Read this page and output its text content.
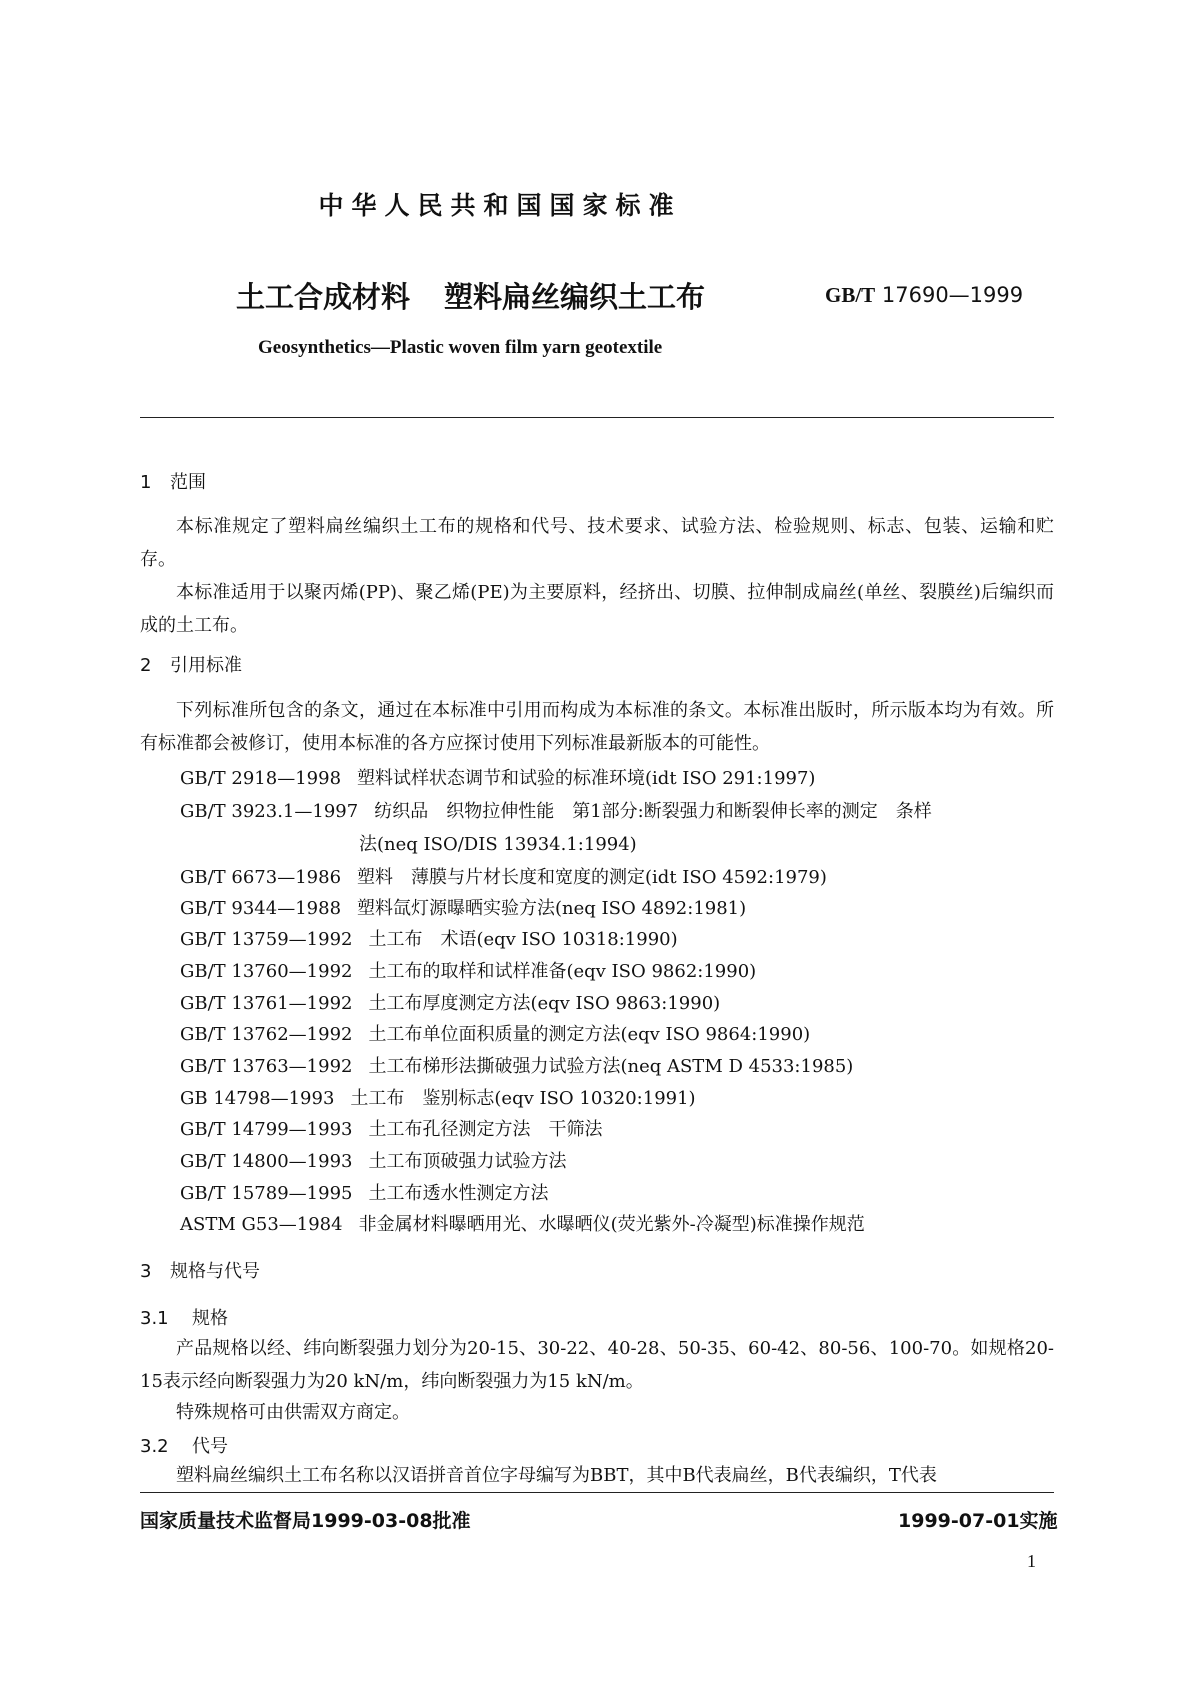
中华人民共和国国家标准
土工合成材料 塑料扁丝编织土工布	GB/T 17690—1999
Geosynthetics—Plastic woven film yarn geotextile
1 范围
本标准规定了塑料扁丝编织土工布的规格和代号、技术要求、试验方法、检验规则、标志、包装、运输和贮存。
本标准适用于以聚丙烯(PP)、聚乙烯(PE)为主要原料，经挤出、切膜、拉伸制成扁丝(单丝、裂膜丝)后编织而成的土工布。
2 引用标准
下列标准所包含的条文，通过在本标准中引用而构成为本标准的条文。本标准出版时，所示版本均为有效。所有标准都会被修订，使用本标准的各方应探讨使用下列标准最新版本的可能性。
GB/T 2918—1998 塑料试样状态调节和试验的标准环境(idt ISO 291:1997)
GB/T 3923.1—1997 纺织品　织物拉伸性能　第1部分:断裂强力和断裂伸长率的测定　条样
法(neq ISO/DIS 13934.1:1994)
GB/T 6673—1986 塑料　薄膜与片材长度和宽度的测定(idt ISO 4592:1979)
GB/T 9344—1988 塑料氙灯源曝晒实验方法(neq ISO 4892:1981)
GB/T 13759—1992 土工布　术语(eqv ISO 10318:1990)
GB/T 13760—1992 土工布的取样和试样准备(eqv ISO 9862:1990)
GB/T 13761—1992 土工布厚度测定方法(eqv ISO 9863:1990)
GB/T 13762—1992 土工布单位面积质量的测定方法(eqv ISO 9864:1990)
GB/T 13763—1992 土工布梯形法撕破强力试验方法(neq ASTM D 4533:1985)
GB 14798—1993 土工布　鉴别标志(eqv ISO 10320:1991)
GB/T 14799—1993 土工布孔径测定方法　干筛法
GB/T 14800—1993 土工布顶破强力试验方法
GB/T 15789—1995 土工布透水性测定方法
ASTM G53—1984 非金属材料曝晒用光、水曝晒仪(荧光紫外-冷凝型)标准操作规范
3 规格与代号
3.1 规格
产品规格以经、纬向断裂强力划分为20-15、30-22、40-28、50-35、60-42、80-56、100-70。如规格20-15表示经向断裂强力为20 kN/m，纬向断裂强力为15 kN/m。
特殊规格可由供需双方商定。
3.2 代号
塑料扁丝编织土工布名称以汉语拼音首位字母编写为BBT，其中B代表扁丝，B代表编织，T代表
国家质量技术监督局1999-03-08批准	1999-07-01实施
1
